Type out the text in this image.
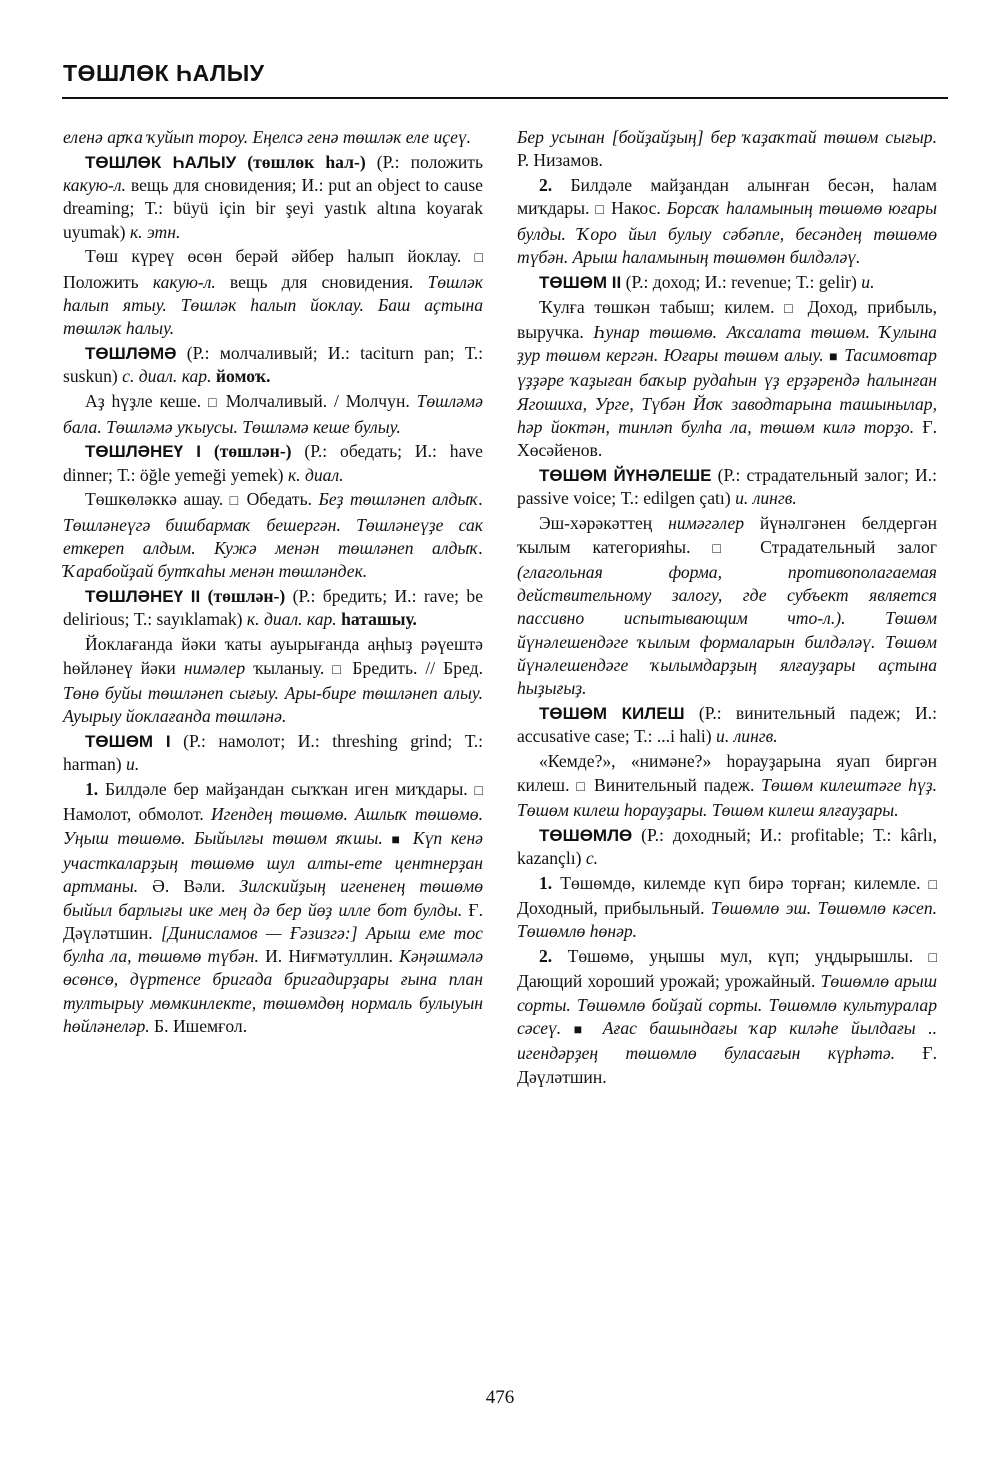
ТӨШЛӨК ҺАЛЫУ

еленә арҡа ҡуйып тороу. Еңелсә генә төшләк еле иҫеү.

ТӨШЛӨК ҺАЛЫУ (төшлөк һал-) (Р.: положить какую-л. вещь для сновидения; И.: put an object to cause dreaming; Т.: büyü için bir şeyi yastık altına koyarak uyumak) к. этн.

Төш күреү өсөн берәй әйбер һалып йоклау. □ Положить какую-л. вещь для сновидения. Төшләк һалып ятыу. Төшләк һалып йоклау. Баш аҫтына төшләк һалыу.

ТӨШЛӘМӘ (Р.: молчаливый; И.: taciturn pan; Т.: suskun) с. диал. кар. йомоҡ.

Аҙ һүҙле кеше. □ Молчаливый. / Молчун. Төшләмә бала. Төшләмә уҡыусы. Төшләмә кеше булыу.

ТӨШЛӘНЕҮ I (төшлән-) (Р.: обедать; И.: have dinner; Т.: öğle yemeği yemek) к. диал.

Төшкөләккә ашау. □ Обедать. Беҙ төшләнеп алдыҡ. Төшләнеүгә бишбармаҡ бешергән. Төшләнеүҙе сак еткереп алдым. Кужә менән төшләнеп алдыҡ. Ҡарабойҙай бутҡаһы менән төшләндек.

ТӨШЛӘНЕҮ II (төшлән-) (Р.: бредить; И.: rave; be delirious; Т.: sayıklamak) к. диал. кар. һаташыу.

Йоклағанда йәки ҡаты ауырығанда аңһыҙ рәүештә һөйләнеү йәки нимәлер ҡыланыу. □ Бредить. // Бред. Төнө буйы төшләнеп сығыу. Ары-бире төшләнеп алыу. Ауырыу йоклағанда төшләнә.

ТӨШӨМ I (Р.: намолот; И.: threshing grind; Т.: harman) и.

1. Билдәле бер майҙандан сыҡҡан иген миҡдары. □ Намолот, обмолот. Игендең төшөмө. Ашлыҡ төшөмө. Уңыш төшөмө. Быйылғы төшөм яҡшы. ■ Күп кенә участкаларҙың төшөмө шул алты-ете центнерҙан артманы. Ә. Вәли. Зилскийҙың игененең төшөмө быйыл барлығы ике мең дә бер йөҙ илле бот булды. Ғ. Дәүләтшин. [Динисламов — Ғәзизгә:] Арыш еме тос булһа ла, төшөмө түбән. И. Ниғмәтуллин. Кәңәшмәлә өсөнсө, дүртенсе бригада бригадирҙары ғына план тултырыу мөмкинлекте, төшөмдөң нормаль булыуын һөйләнеләр. Б. Ишемғол.

Бер усынан [бойҙайҙың] бер ҡаҙаҡтай төшөм сығыр. Р. Низамов.

2. Билдәле майҙандан алынған бесән, һалам миҡдары. □ Накос. Борсаҡ һаламының төшөмө юғары булды. Ҡоро йыл булыу сәбәпле, бесәндең төшөмө түбән. Арыш һаламының төшөмөн билдәләү.

ТӨШӨМ II (Р.: доход; И.: revenue; Т.: gelir) и.

Ҡулға төшкән табыш; килем. □ Доход, прибыль, выручка. Һунар төшөмө. Аҡсалата төшөм. Ҡулына ҙур төшөм кергән. Юғары төшөм алыу. ■ Тасимовтар үҙҙәре ҡаҙыған баҡыр рудаһын үҙ ерҙәрендә һалынған Ягошиха, Урге, Түбән Йоҡ заводтарына ташынылар, һәр йоктән, тинләп булһа ла, төшөм килә торҙо. Ғ. Хөсәйенов.

ТӨШӨМ ЙҮНӘЛЕШЕ (Р.: страдательный залог; И.: passive voice; Т.: edilgen çatı) и. лингв.

Эш-хәрәкәттең нимәгәлер йүнәлгәнен белдергән ҡылым категорияһы. □ Страдательный залог (глагольная форма, противополагаемая действительному залогу, где субъект является пассивно испытывающим что-л.). Төшөм йүнәлешендәге ҡылым формаларын билдәләү. Төшөм йүнәлешендәге ҡылымдарҙың ялғауҙары аҫтына һыҙығыҙ.

ТӨШӨМ КИЛЕШ (Р.: винительный падеж; И.: accusative case; Т.: ...i hali) и. лингв.

«Кемде?», «нимәне?» һорауҙарына яуап биргән килеш. □ Винительный падеж. Төшөм килештәге һүҙ. Төшөм килеш һорауҙары. Төшөм килеш ялғауҙары.

ТӨШӨМЛӨ (Р.: доходный; И.: profitable; Т.: kârlı, kazançlı) с.

1. Төшөмдө, килемде күп бирә торған; килемле. □ Доходный, прибыльный. Төшөмлө эш. Төшөмлө кәсеп. Төшөмлө һөнәр.

2. Төшөмө, уңышы мул, күп; уңдырышлы. □ Дающий хороший урожай; урожайный. Төшөмлө арыш сорты. Төшөмлө бойҙай сорты. Төшөмлө культуралар сәсеү. ■ Ағас башындағы ҡар киләһе йылдағы .. игендәрҙең төшөмлө буласағын күрһәтә. Ғ. Дәүләтшин.

476
